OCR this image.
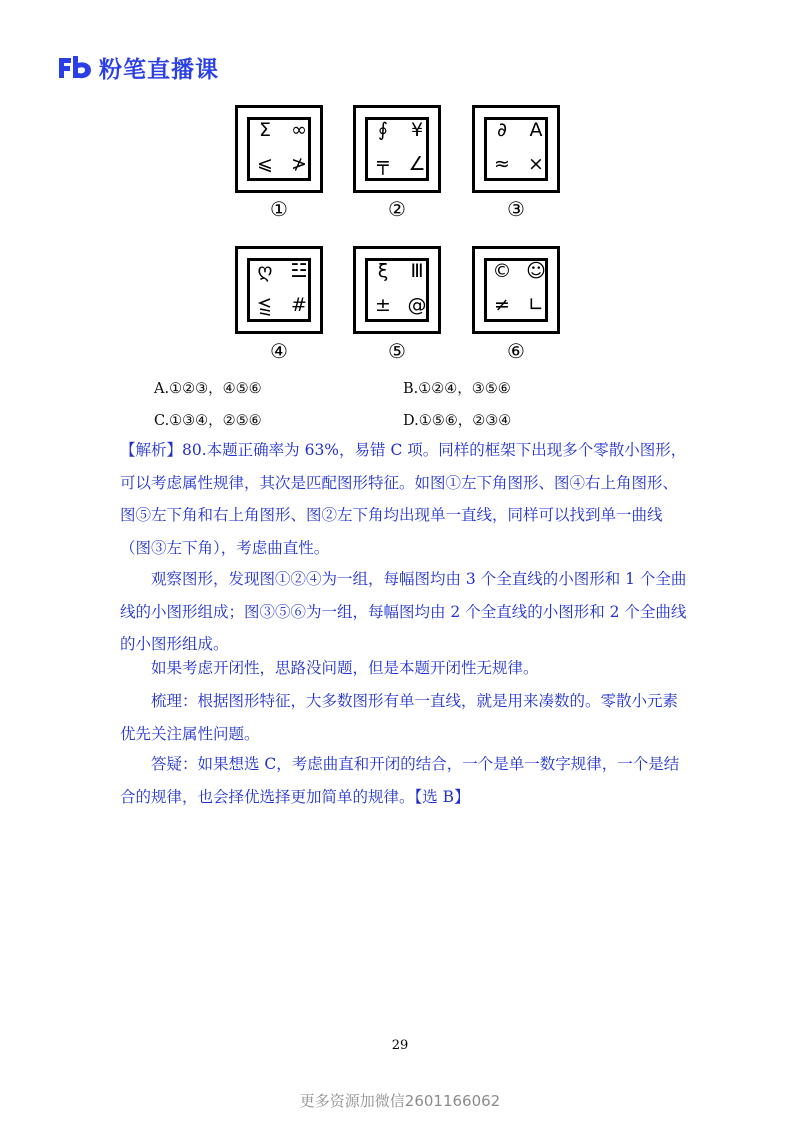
粉笔直播课
Σ	∞
⩽ ≯
①
∮	¥
╤	∠
②
∂	A
≈ ×
③
ღ ☳
#
④
ξ	Ⅲ
± @
⑤
© ☺
≠ ∟
⑥
A.①②③，④⑤⑥	B.①②④，③⑤⑥
C.①③④，②⑤⑥	D.①⑤⑥，②③④

【解析】80.本题正确率为 63%，易错 C 项。同样的框架下出现多个零散小图形，可以考虑属性规律，其次是匹配图形特征。如图①左下角图形、图④右上角图形、图⑤左下角和右上角图形、图②左下角均出现单一直线，同样可以找到单一曲线（图③左下角），考虑曲直性。

观察图形，发现图①②④为一组，每幅图均由 3 个全直线的小图形和 1 个全曲线的小图形组成；图③⑤⑥为一组，每幅图均由 2 个全直线的小图形和 2 个全曲线的小图形组成。

如果考虑开闭性，思路没问题，但是本题开闭性无规律。

梳理：根据图形特征，大多数图形有单一直线，就是用来凑数的。零散小元素优先关注属性问题。

答疑：如果想选 C，考虑曲直和开闭的结合，一个是单一数字规律，一个是结合的规律，也会择优选择更加简单的规律。【选 B】

29
更多资源加微信2601166062
